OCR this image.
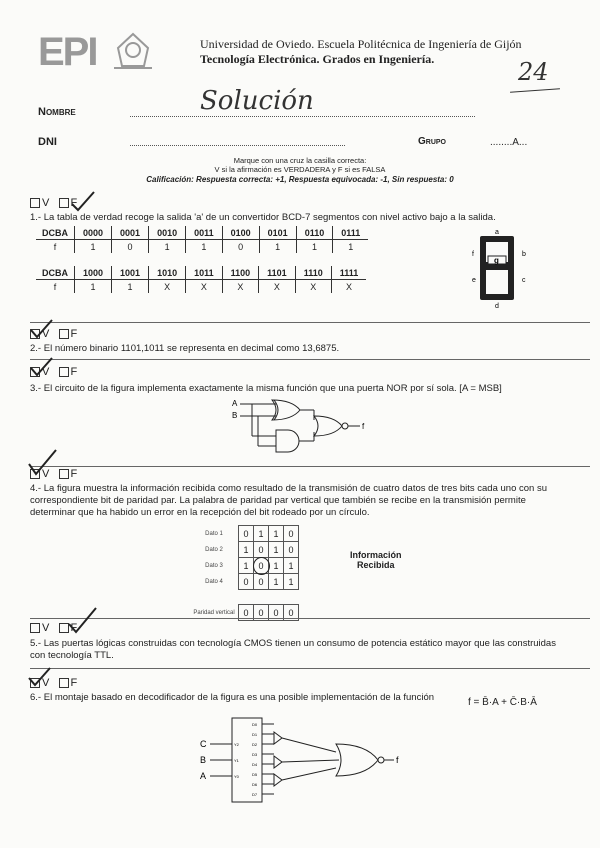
EPI	Universidad de Oviedo. Escuela Politécnica de Ingeniería de Gijón
Tecnología Electrónica. Grados en Ingeniería.	24
Nombre	Solución
DNI	Grupo	........A...
Marque con una cruz la casilla correcta:
V si la afirmación es VERDADERA y F si es FALSA
Calificación: Respuesta correcta: +1, Respuesta equivocada: -1, Sin respuesta: 0
V F
1.- La tabla de verdad recoge la salida 'a' de un convertidor BCD-7 segmentos con nivel activo bajo a la salida.
DCBA	0000	0001	0010	0011	0100	0101	0110	0111
f	1	0	1	1	0	1	1	1
DCBA	1000	1001	1010	1011	1100	1101	1110	1111
f	1	1	X	X	X	X	X	X
a
b
c
d
e
f
g
V F
2.- El número binario 1101,1011 se representa en decimal como 13,6875.
V F
3.- El circuito de la figura implementa exactamente la misma función que una puerta NOR por sí sola. [A = MSB]
A
B
f
V F
4.- La figura muestra la información recibida como resultado de la transmisión de cuatro datos de tres bits cada uno con su correspondiente bit de paridad par. La palabra de paridad par vertical que también se recibe en la transmisión permite determinar que ha habido un error en la recepción del bit rodeado por un círculo.
Dato 1	0	1	1	0
Dato 2	1	0	1	0
Dato 3	1	0	1	1
Dato 4	0	0	1	1

Paridad vertical	0	0	0	0
Información
Recibida
V F
5.- Las puertas lógicas construidas con tecnología CMOS tienen un consumo de potencia estático mayor que las construidas con tecnología TTL.
V F
6.- El montaje basado en decodificador de la figura es una posible implementación de la función	f = B̄·A + C̄·B·Ā
C	Y2
B	Y1
A	Y0
D0
D1
D2
D3
D4
D5
D6
D7
f
